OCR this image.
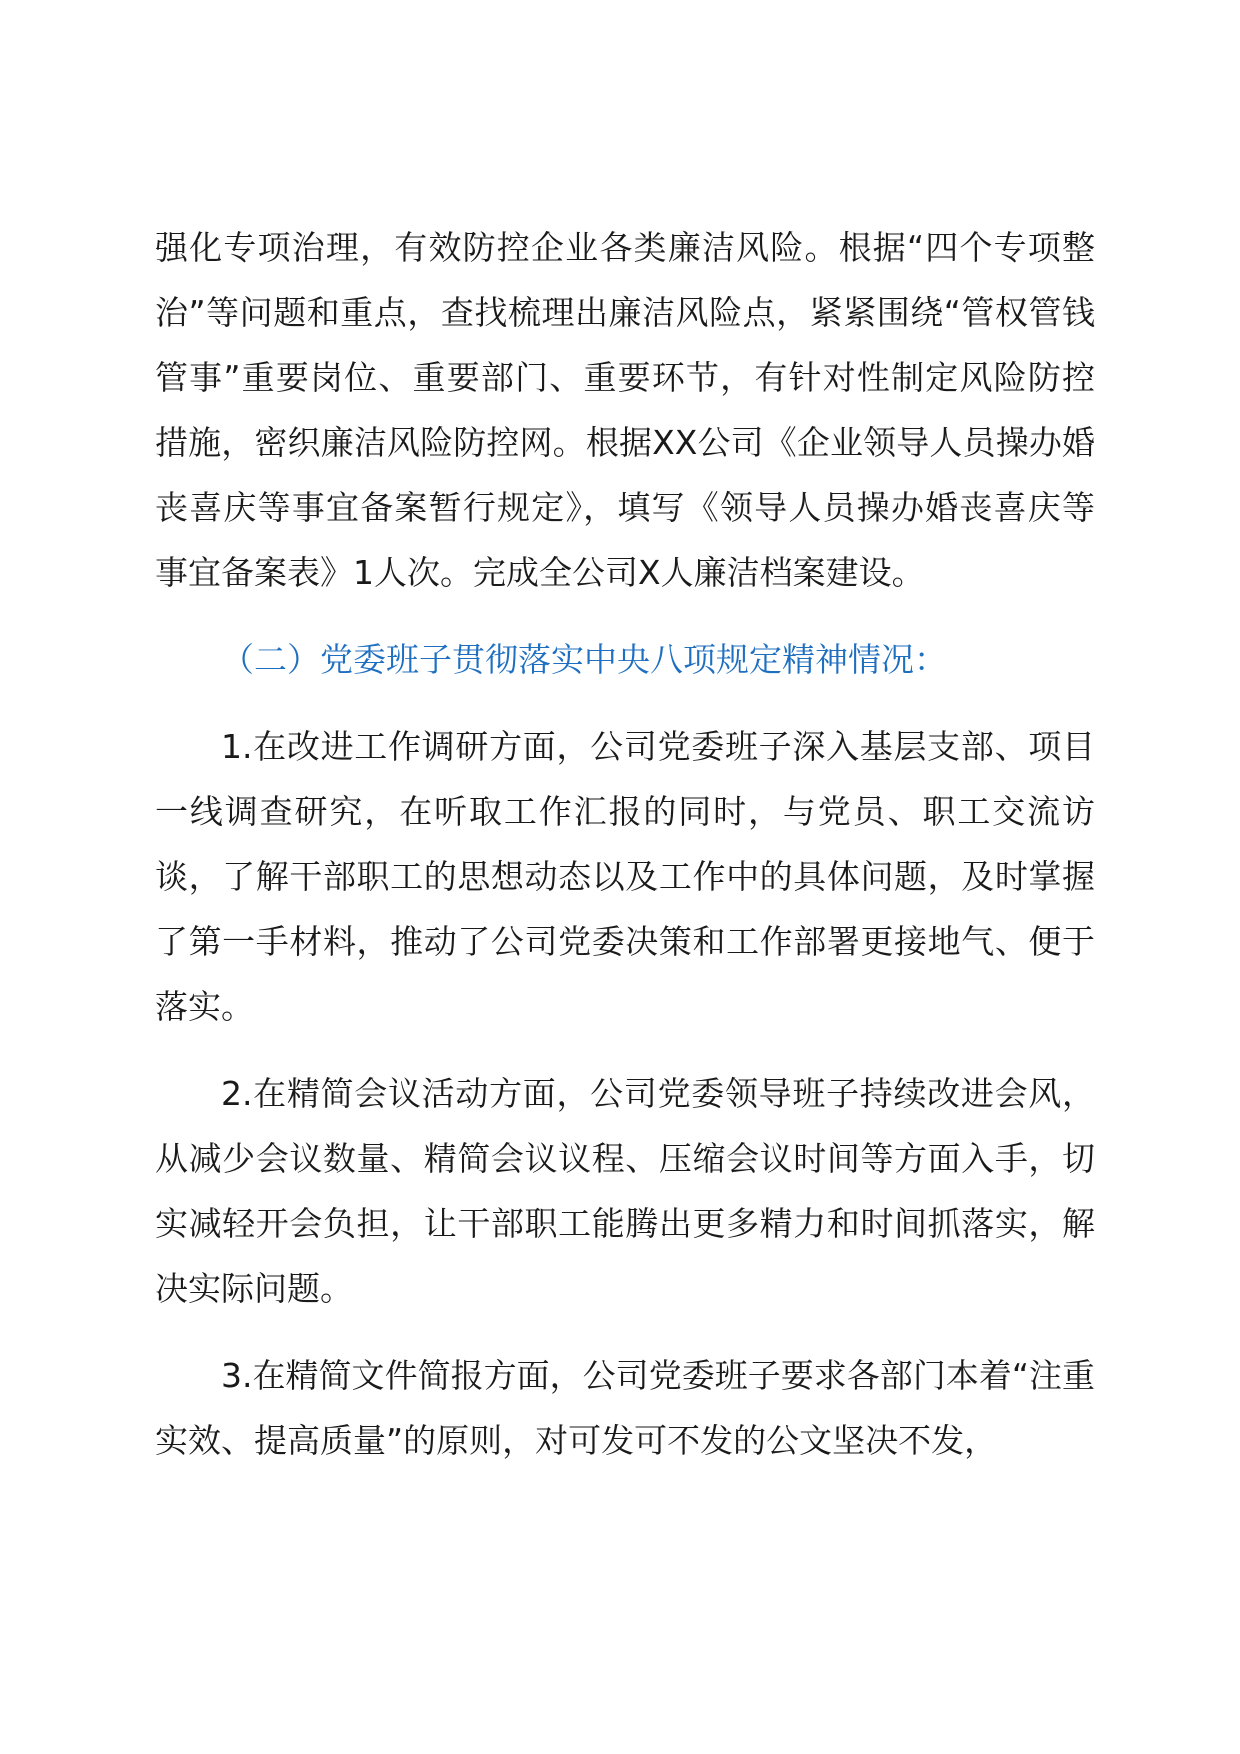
强化专项治理，有效防控企业各类廉洁风险。根据“四个专项整治”等问题和重点，查找梳理出廉洁风险点，紧紧围绕“管权管钱管事”重要岗位、重要部门、重要环节，有针对性制定风险防控措施，密织廉洁风险防控网。根据XX公司《企业领导人员操办婚丧喜庆等事宜备案暂行规定》，填写《领导人员操办婚丧喜庆等事宜备案表》1人次。完成全公司X人廉洁档案建设。

（二）党委班子贯彻落实中央八项规定精神情况：

1.在改进工作调研方面，公司党委班子深入基层支部、项目一线调查研究，在听取工作汇报的同时，与党员、职工交流访谈，了解干部职工的思想动态以及工作中的具体问题，及时掌握了第一手材料，推动了公司党委决策和工作部署更接地气、便于落实。

2.在精简会议活动方面，公司党委领导班子持续改进会风，从减少会议数量、精简会议议程、压缩会议时间等方面入手，切实减轻开会负担，让干部职工能腾出更多精力和时间抓落实，解决实际问题。

3.在精简文件简报方面，公司党委班子要求各部门本着“注重实效、提高质量”的原则，对可发可不发的公文坚决不发，
